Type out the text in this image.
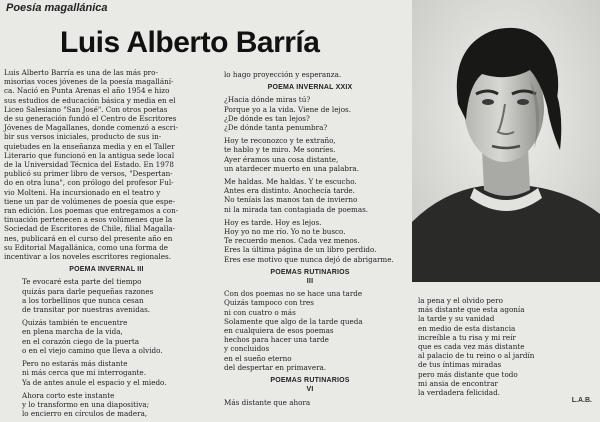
Poesía magallánica
Luis Alberto Barría
Luis Alberto Barría es una de las más pro-
misorias voces jóvenes de la poesía magallání-
ca. Nació en Punta Arenas el año 1954 e hizo
sus estudios de educación básica y media en el
Liceo Salesiano "San José". Con otros poetas
de su generación fundó el Centro de Escritores
Jóvenes de Magallanes, donde comenzó a escri-
bir sus versos iniciales, producto de sus in-
quietudes en la enseñanza media y en el Taller
Literario que funcionó en la antigua sede local
de la Universidad Técnica del Estado. En 1978
publicó su primer libro de versos, "Despertan-
do en otra luna", con prólogo del profesor Ful-
vio Molteni. Ha incursionado en el teatro y
tiene un par de volúmenes de poesía que espe-
ran edición. Los poemas que entregamos a con-
tinuación pertenecen a esos volúmenes que la
Sociedad de Escritores de Chile, filial Magalla-
nes, publicará en el curso del presente año en
su Editorial Magallánica, como una forma de
incentivar a los noveles escritores regionales.
POEMA INVERNAL III
Te evocaré esta parte del tiempo
quizás para darle pequeñas razones
a los torbellinos que nunca cesan
de transitar por nuestras avenidas.
Quizás también te encuentre
en plena marcha de la vida,
en el corazón ciego de la puerta
o en el viejo camino que lleva a olvido.
Pero no estarás más distante
ni más cerca que mi interrogante.
Ya de antes anule el espacio y el miedo.
Ahora corto este instante
y lo transformo en una diapositiva;
lo encierro en círculos de madera,
lo hago proyección y esperanza.
POEMA INVERNAL XXIX
¿Hacia dónde miras tú?
Porque yo a la vida. Viene de lejos.
¿De dónde es tan lejos?
¿De dónde tanta penumbra?
Hoy te reconozco y te extraño,
te hablo y te miro. Me sonríes.
Ayer éramos una cosa distante,
un atardecer muerto en una palabra.
Me haldas. Me haldas. Y te escucho.
Antes era distinto. Anochecía tarde.
No teníais las manos tan de invierno
ni la mirada tan contagiada de poemas.
Hoy es tarde. Hoy es lejos.
Hoy yo no me río. Yo no te busco.
Te recuerdo menos. Cada vez menos.
Eres la última página de un libro perdido.
Eres ese motivo que nunca dejó de abrigarme.
POEMAS RUTINARIOS
III
Con dos poemas no se hace una tarde
Quizás tampoco con tres
ni con cuatro o más
Solamente que algo de la tarde queda
en cualquiera de esos poemas
hechos para hacer una tarde
y concluidos
en el sueño eterno
del despertar en primavera.
POEMAS RUTINARIOS
VI
Más distante que ahora
la pena y el olvido pero
más distante que esta agonía
la tarde y su vanidad
en medio de esta distancia
increíble a tu risa y mi reír
que es cada vez más distante
al palacio de tu reino o al jardín
de tus íntimas miradas
pero más distante que todo
mi ansia de encontrar
la verdadera felicidad.
L.A.B.
